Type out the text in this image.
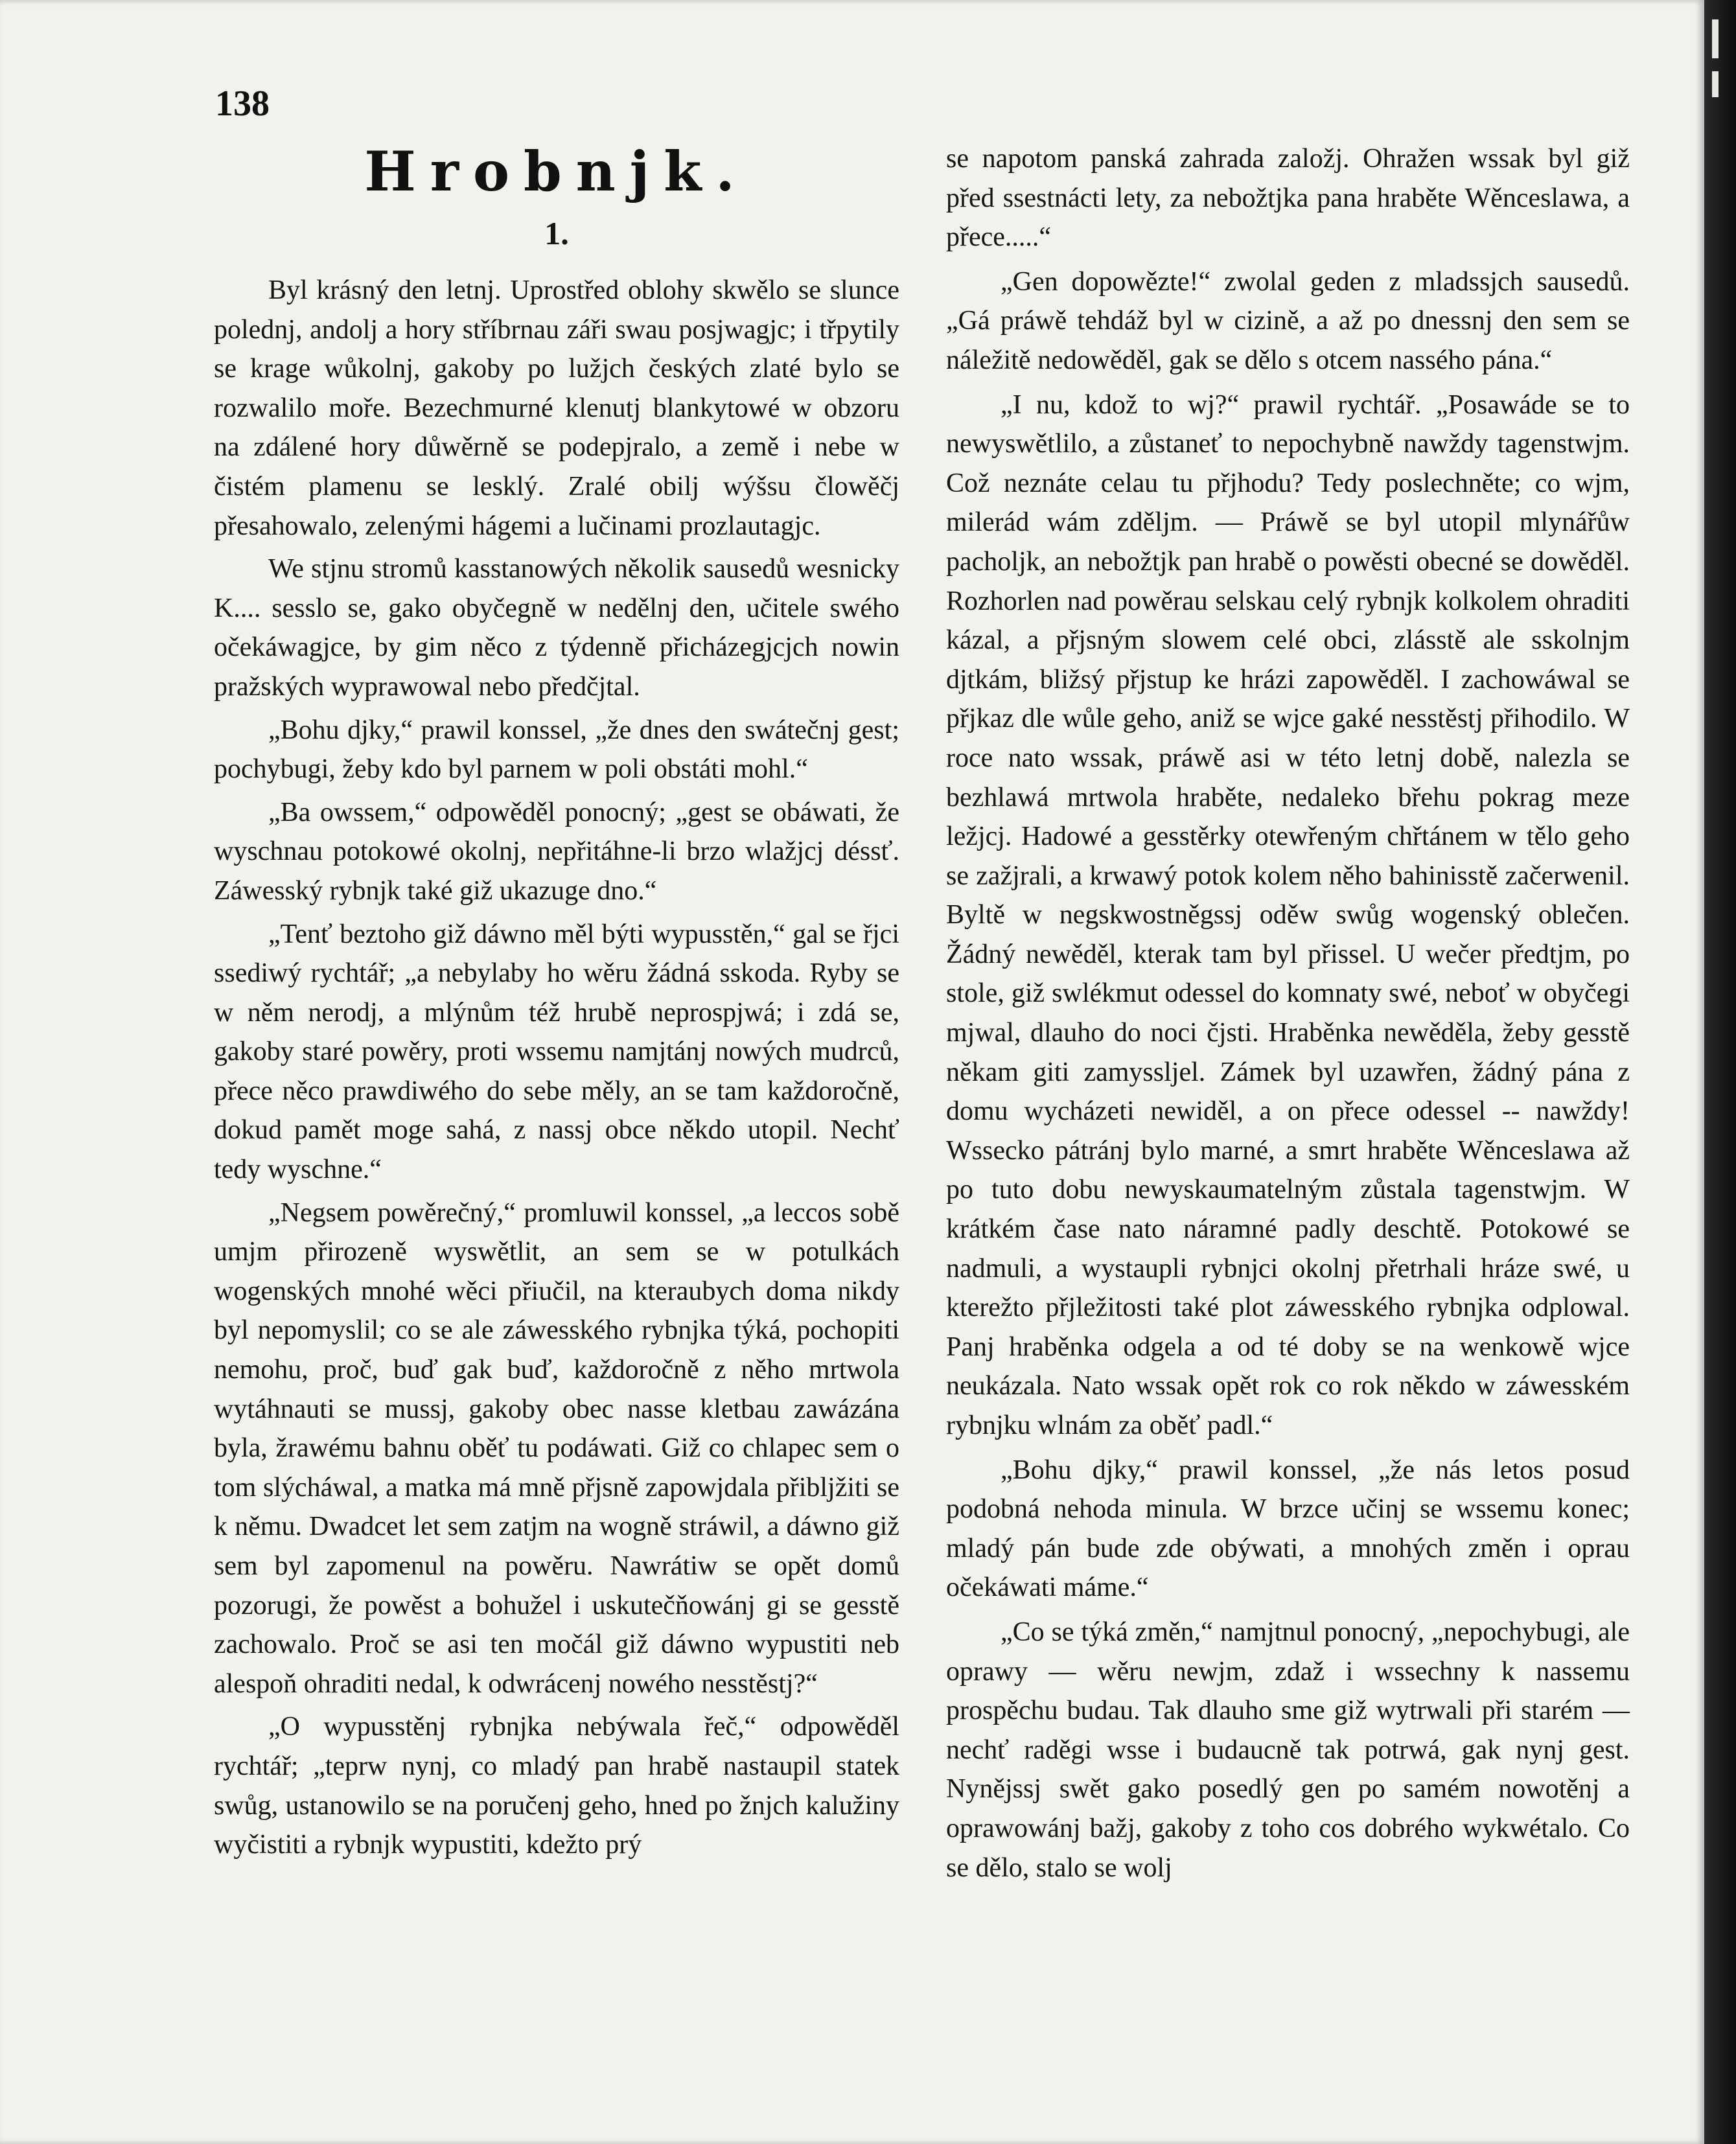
138
Hrobnjk.
1.

Byl krásný den letnj. Uprostřed oblohy skwělo se slunce polednj, andolj a hory stříbrnau záři swau posjwagjc; i třpytily se krage wůkolnj, gakoby po lužjch českých zlaté bylo se rozwalilo moře. Bezechmurné klenutj blankytowé w obzoru na zdálené hory důwěrně se podepjralo, a země i nebe w čistém plamenu se lesklý. Zralé obilj wýšsu člowěčj přesahowalo, zelenými hágemi a lučinami prozlautagjc.

We stjnu stromů kasstanowých několik sausedů wesnicky K.... sesslo se, gako obyčegně w nedělnj den, učitele swého očekáwagjce, by gim něco z týdenně přicházegjcjch nowin pražských wyprawowal nebo předčjtal.

„Bohu djky,“ prawil konssel, „že dnes den swátečnj gest; pochybugi, žeby kdo byl parnem w poli obstáti mohl.“

„Ba owssem,“ odpowěděl ponocný; „gest se obáwati, že wyschnau potokowé okolnj, nepřitáhne-li brzo wlažjcj déssť. Záwesský rybnjk také giž ukazuge dno.“

„Tenť beztoho giž dáwno měl býti wypusstěn,“ gal se řjci ssediwý rychtář; „a nebylaby ho wěru žádná sskoda. Ryby se w něm nerodj, a mlýnům též hrubě neprospjwá; i zdá se, gakoby staré powěry, proti wssemu namjtánj nowých mudrců, přece něco prawdiwého do sebe měly, an se tam každoročně, dokud pamět moge sahá, z nassj obce někdo utopil. Nechť tedy wyschne.“

„Negsem powěrečný,“ promluwil konssel, „a leccos sobě umjm přirozeně wyswětlit, an sem se w potulkách wogenských mnohé wěci přiučil, na kteraubych doma nikdy byl nepomyslil; co se ale záwesského rybnjka týká, pochopiti nemohu, proč, buď gak buď, každoročně z něho mrtwola wytáhnauti se mussj, gakoby obec nasse kletbau zawázána byla, žrawému bahnu oběť tu podáwati. Giž co chlapec sem o tom slýcháwal, a matka má mně přjsně zapowjdala přibljžiti se k němu. Dwadcet let sem zatjm na wogně stráwil, a dáwno giž sem byl zapomenul na powěru. Nawrátiw se opět domů pozorugi, že powěst a bohužel i uskutečňowánj gi se gesstě zachowalo. Proč se asi ten močál giž dáwno wypustiti neb alespoň ohraditi nedal, k odwrácenj nowého nesstěstj?“

„O wypusstěnj rybnjka nebýwala řeč,“ odpowěděl rychtář; „teprw nynj, co mladý pan hrabě nastaupil statek swůg, ustanowilo se na poručenj geho, hned po žnjch kalužiny wyčistiti a rybnjk wypustiti, kdežto prý

se napotom panská zahrada založj. Ohražen wssak byl giž před ssestnácti lety, za nebožtjka pana hraběte Wěnceslawa, a přece.....“

„Gen dopowězte!“ zwolal geden z mladssjch sausedů. „Gá práwě tehdáž byl w cizině, a až po dnessnj den sem se náležitě nedowěděl, gak se dělo s otcem nassého pána.“

„I nu, kdož to wj?“ prawil rychtář. „Posawáde se to newyswětlilo, a zůstaneť to nepochybně nawždy tagenstwjm. Což neznáte celau tu přjhodu? Tedy poslechněte; co wjm, milerád wám zděljm. — Práwě se byl utopil mlynářůw pacholjk, an nebožtjk pan hrabě o powěsti obecné se dowěděl. Rozhorlen nad powěrau selskau celý rybnjk kolkolem ohraditi kázal, a přjsným slowem celé obci, zlásstě ale sskolnjm djtkám, bližsý přjstup ke hrázi zapowěděl. I zachowáwal se přjkaz dle wůle geho, aniž se wjce gaké nesstěstj přihodilo. W roce nato wssak, práwě asi w této letnj době, nalezla se bezhlawá mrtwola hraběte, nedaleko břehu pokrag meze ležjcj. Hadowé a gesstěrky otewřeným chřtánem w tělo geho se zažjrali, a krwawý potok kolem něho bahinisstě začerwenil. Byltě w negskwostněgssj oděw swůg wogenský oblečen. Žádný newěděl, kterak tam byl přissel. U wečer předtjm, po stole, giž swlékmut odessel do komnaty swé, neboť w obyčegi mjwal, dlauho do noci čjsti. Hraběnka newěděla, žeby gesstě někam giti zamyssljel. Zámek byl uzawřen, žádný pána z domu wycházeti newiděl, a on přece odessel -- nawždy! Wssecko pátránj bylo marné, a smrt hraběte Wěnceslawa až po tuto dobu newyskaumatelným zůstala tagenstwjm. W krátkém čase nato náramné padly deschtě. Potokowé se nadmuli, a wystaupli rybnjci okolnj přetrhali hráze swé, u kterežto přjležitosti také plot záwesského rybnjka odplowal. Panj hraběnka odgela a od té doby se na wenkowě wjce neukázala. Nato wssak opět rok co rok někdo w záwesském rybnjku wlnám za oběť padl.“

„Bohu djky,“ prawil konssel, „že nás letos posud podobná nehoda minula. W brzce učinj se wssemu konec; mladý pán bude zde obýwati, a mnohých změn i oprau očekáwati máme.“

„Co se týká změn,“ namjtnul ponocný, „nepochybugi, ale oprawy — wěru newjm, zdaž i wssechny k nassemu prospěchu budau. Tak dlauho sme giž wytrwali při starém — nechť raděgi wsse i budaucně tak potrwá, gak nynj gest. Nynějssj swět gako posedlý gen po samém nowotěnj a oprawowánj bažj, gakoby z toho cos dobrého wykwétalo. Co se dělo, stalo se wolj
